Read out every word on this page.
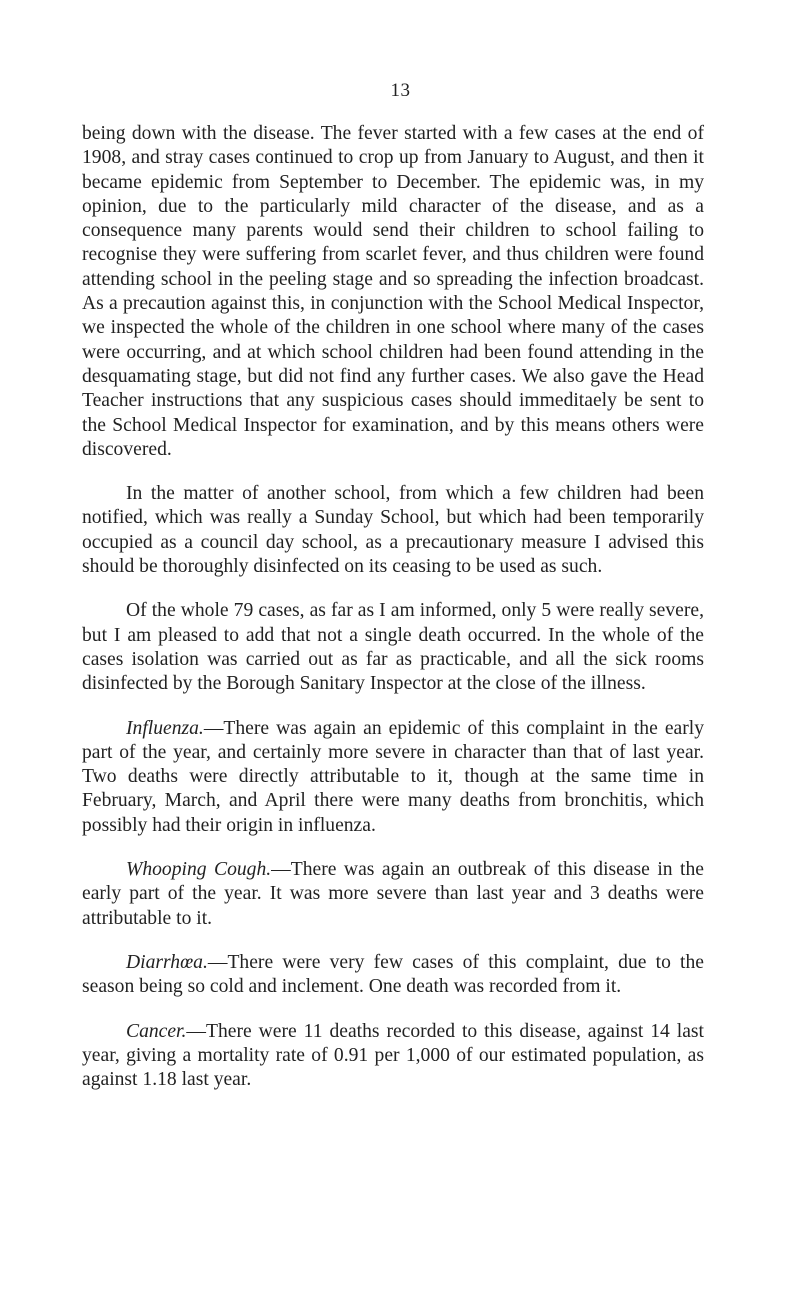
13

being down with the disease. The fever started with a few cases at the end of 1908, and stray cases continued to crop up from January to August, and then it became epidemic from September to December. The epidemic was, in my opinion, due to the particularly mild character of the disease, and as a consequence many parents would send their children to school failing to recognise they were suffering from scarlet fever, and thus children were found attending school in the peeling stage and so spreading the infection broadcast. As a precaution against this, in conjunction with the School Medical Inspector, we inspected the whole of the children in one school where many of the cases were occurring, and at which school children had been found attending in the desquamating stage, but did not find any further cases. We also gave the Head Teacher instructions that any suspicious cases should immeditaely be sent to the School Medical Inspector for examination, and by this means others were discovered.

In the matter of another school, from which a few children had been notified, which was really a Sunday School, but which had been temporarily occupied as a council day school, as a precautionary measure I advised this should be thoroughly disinfected on its ceasing to be used as such.

Of the whole 79 cases, as far as I am informed, only 5 were really severe, but I am pleased to add that not a single death occurred. In the whole of the cases isolation was carried out as far as practicable, and all the sick rooms disinfected by the Borough Sanitary Inspector at the close of the illness.

Influenza.—There was again an epidemic of this complaint in the early part of the year, and certainly more severe in character than that of last year. Two deaths were directly attributable to it, though at the same time in February, March, and April there were many deaths from bronchitis, which possibly had their origin in influenza.

Whooping Cough.—There was again an outbreak of this disease in the early part of the year. It was more severe than last year and 3 deaths were attributable to it.

Diarrhœa.—There were very few cases of this complaint, due to the season being so cold and inclement. One death was recorded from it.

Cancer.—There were 11 deaths recorded to this disease, against 14 last year, giving a mortality rate of 0.91 per 1,000 of our estimated population, as against 1.18 last year.
